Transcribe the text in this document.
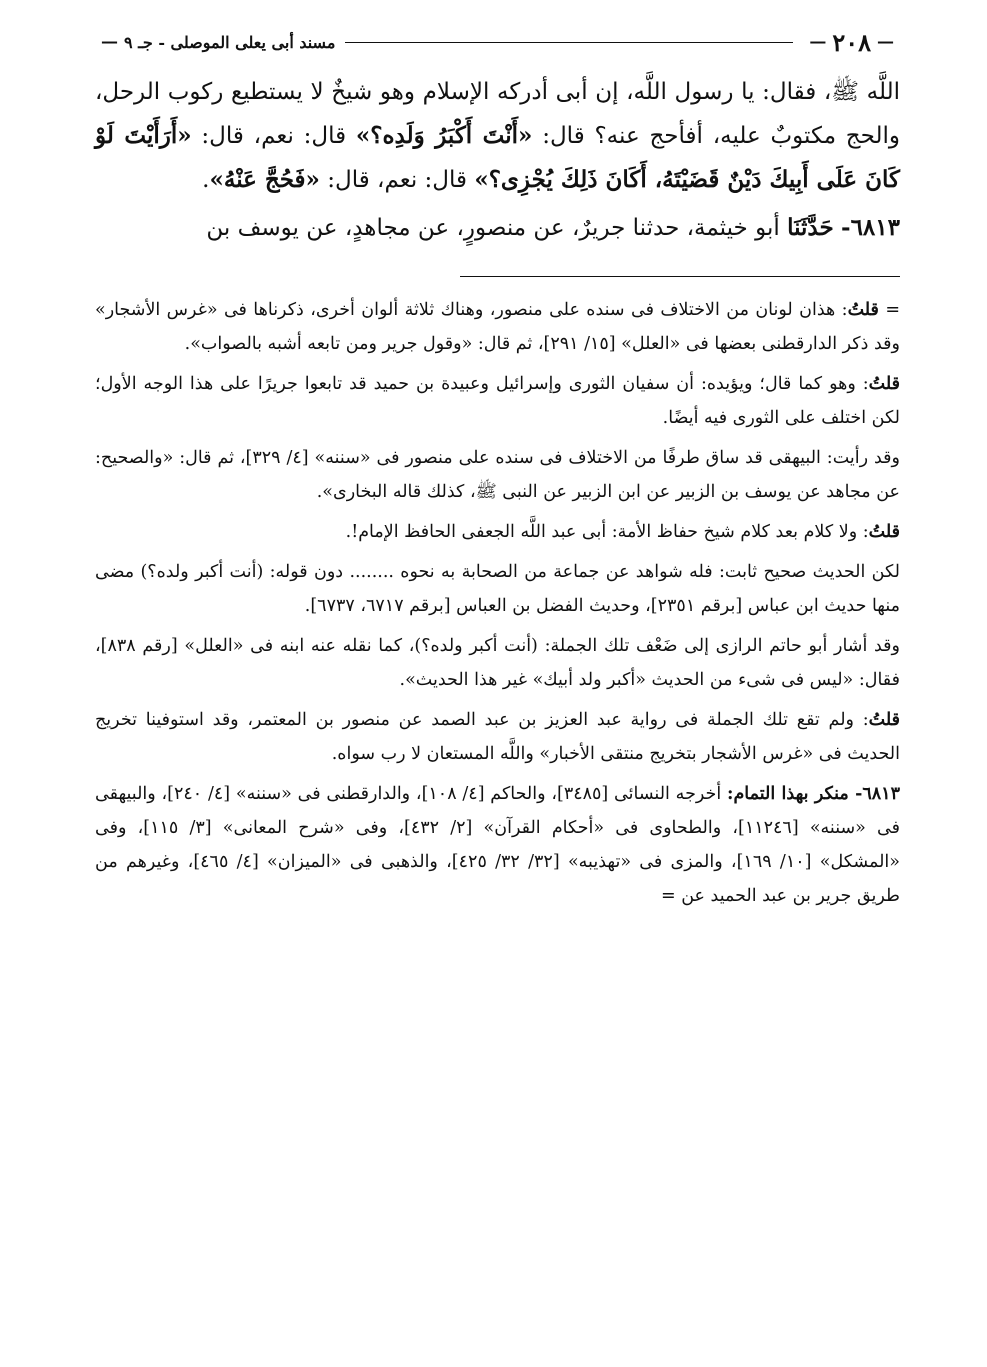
—
٢٠٨
—
مسند أبى يعلى الموصلى - جـ ٩
—

اللَّه ﷺ، فقال: يا رسول اللَّه، إن أبى أدركه الإسلام وهو شيخٌ لا يستطيع ركوب الرحل، والحج مكتوبٌ عليه، أفأحج عنه؟ قال: «أَنْتَ أَكْبَرُ وَلَدِه؟» قال: نعم، قال: «أَرَأَيْتَ لَوْ كَانَ عَلَى أَبِيكَ دَيْنٌ قَضَيْتَهُ، أَكَانَ ذَلِكَ يُجْزِى؟» قال: نعم، قال: «فَحُجَّ عَنْهُ».

٦٨١٣- حَدَّثَنَا أبو خيثمة، حدثنا جريرٌ، عن منصورٍ، عن مجاهدٍ، عن يوسف بن

= قلتُ: هذان لونان من الاختلاف فى سنده على منصور، وهناك ثلاثة ألوان أخرى، ذكرناها فى «غرس الأشجار» وقد ذكر الدارقطنى بعضها فى «العلل» [١٥/ ٢٩١]، ثم قال: «وقول جرير ومن تابعه أشبه بالصواب».

قلتُ: وهو كما قال؛ ويؤيده: أن سفيان الثورى وإسرائيل وعبيدة بن حميد قد تابعوا جريرًا على هذا الوجه الأول؛ لكن اختلف على الثورى فيه أيضًا.

وقد رأيت: البيهقى قد ساق طرفًا من الاختلاف فى سنده على منصور فى «سننه» [٤/ ٣٢٩]، ثم قال: «والصحيح: عن مجاهد عن يوسف بن الزبير عن ابن الزبير عن النبى ﷺ، كذلك قاله البخارى».

قلتُ: ولا كلام بعد كلام شيخ حفاظ الأمة: أبى عبد اللَّه الجعفى الحافظ الإمام!.

لكن الحديث صحيح ثابت: فله شواهد عن جماعة من الصحابة به نحوه ........ دون قوله: (أنت أكبر ولده؟) مضى منها حديث ابن عباس [برقم ٢٣٥١]، وحديث الفضل بن العباس [برقم ٦٧١٧، ٦٧٣٧].

وقد أشار أبو حاتم الرازى إلى ضَعْف تلك الجملة: (أنت أكبر ولده؟)، كما نقله عنه ابنه فى «العلل» [رقم ٨٣٨]، فقال: «ليس فى شىء من الحديث «أكبر ولد أبيك» غير هذا الحديث».

قلتُ: ولم تقع تلك الجملة فى رواية عبد العزيز بن عبد الصمد عن منصور بن المعتمر، وقد استوفينا تخريج الحديث فى «غرس الأشجار بتخريج منتقى الأخبار» واللَّه المستعان لا رب سواه.

٦٨١٣- منكر بهذا التمام: أخرجه النسائى [٣٤٨٥]، والحاكم [٤/ ١٠٨]، والدارقطنى فى «سننه» [٤/ ٢٤٠]، والبيهقى فى «سننه» [١١٢٤٦]، والطحاوى فى «أحكام القرآن» [٢/ ٤٣٢]، وفى «شرح المعانى» [٣/ ١١٥]، وفى «المشكل» [١٠/ ١٦٩]، والمزى فى «تهذيبه» [٣٢/ ٣٢/ ٤٢٥]، والذهبى فى «الميزان» [٤/ ٤٦٥]، وغيرهم من طريق جرير بن عبد الحميد عن =
